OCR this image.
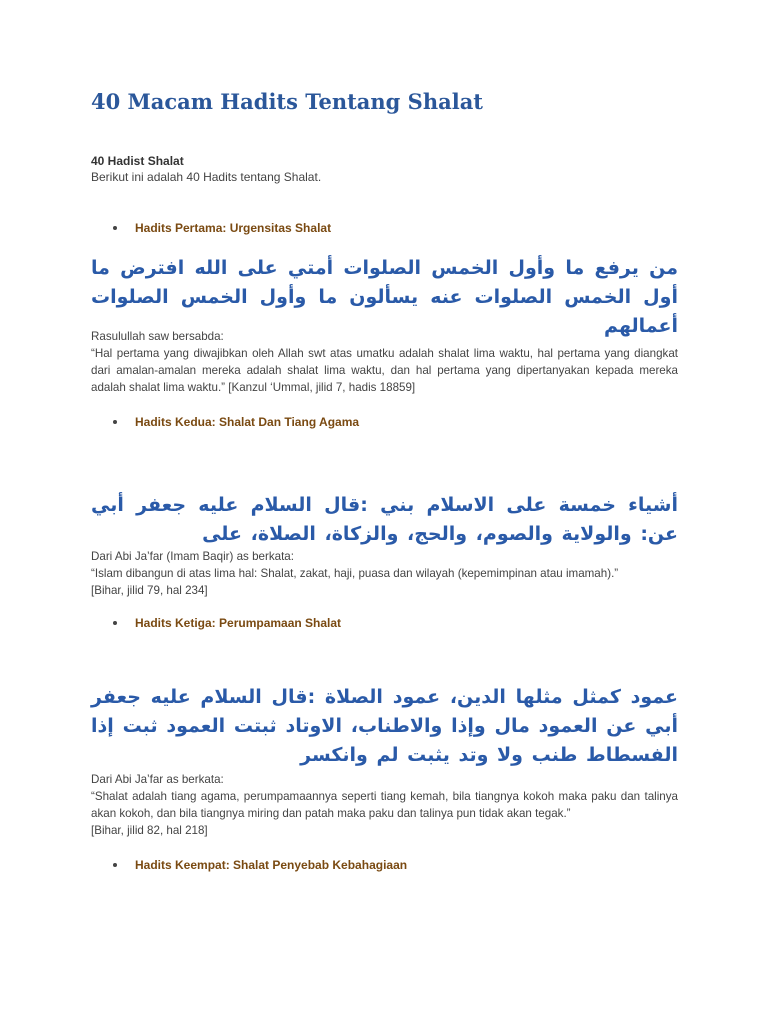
40 Macam Hadits Tentang Shalat
40 Hadist Shalat
Berikut ini adalah 40 Hadits tentang Shalat.
Hadits Pertama: Urgensitas Shalat
من يرفع ما وأول الخمس الصلوات أمتي على الله افترض ما أول الخمس الصلوات عنه يسألون ما وأول الخمس الصلوات أعمالهم

Rasulullah saw bersabda:

“Hal pertama yang diwajibkan oleh Allah swt atas umatku adalah shalat lima waktu, hal pertama yang diangkat dari amalan-amalan mereka adalah shalat lima waktu, dan hal pertama yang dipertanyakan kepada mereka adalah shalat lima waktu.” [Kanzul ‘Ummal, jilid 7, hadis 18859]

Hadits Kedua: Shalat Dan Tiang Agama
أشياء خمسة على الاسلام بني :قال السلام عليه جعفر أبي عن: والولاية والصوم، والحج، والزكاة، الصلاة، على

Dari Abi Ja’far (Imam Baqir) as berkata:

“Islam dibangun di atas lima hal: Shalat, zakat, haji, puasa dan wilayah (kepemimpinan atau imamah).”

[Bihar, jilid 79, hal 234]

Hadits Ketiga: Perumpamaan Shalat
عمود كمثل مثلها الدين، عمود الصلاة :قال السلام عليه جعفر أبي عن العمود مال وإذا والاطناب، الاوتاد ثبتت العمود ثبت إذا الفسطاط طنب ولا وتد يثبت لم وانكسر

Dari Abi Ja’far as berkata:

“Shalat adalah tiang agama, perumpamaannya seperti tiang kemah, bila tiangnya kokoh maka paku dan talinya akan kokoh, dan bila tiangnya miring dan patah maka paku dan talinya pun tidak akan tegak.”

[Bihar, jilid 82, hal 218]

Hadits Keempat: Shalat Penyebab Kebahagiaan
